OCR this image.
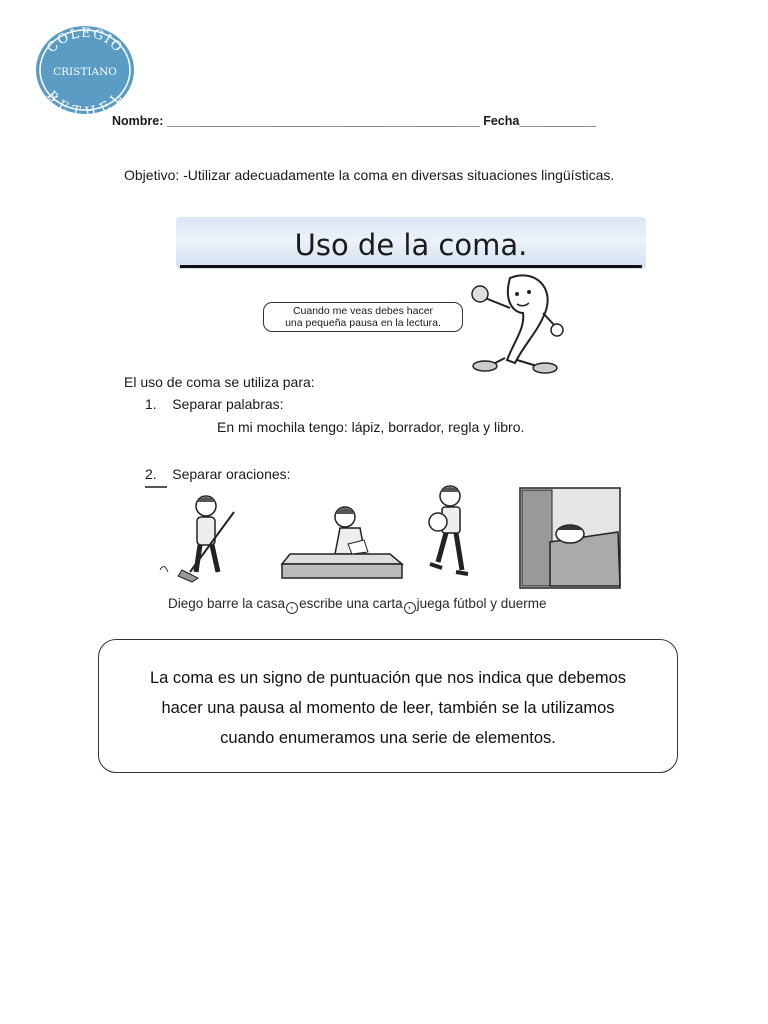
COLEGIO
CRISTIANO
BETHEL
Nombre: _____________________________________________ Fecha___________
Objetivo: -Utilizar adecuadamente la coma en diversas situaciones lingüísticas.
Uso de la coma.
Cuando me veas debes hacer
una pequeña pausa en la lectura.
El uso de coma se utiliza para:
1. Separar palabras:
En mi mochila tengo: lápiz, borrador, regla y libro.
2. Separar oraciones:
Diego barre la casa , escribe una carta , juega fútbol y duerme
La coma es un signo de puntuación que nos indica que debemos
hacer una pausa al momento de leer, también se la utilizamos
cuando enumeramos una serie de elementos.
